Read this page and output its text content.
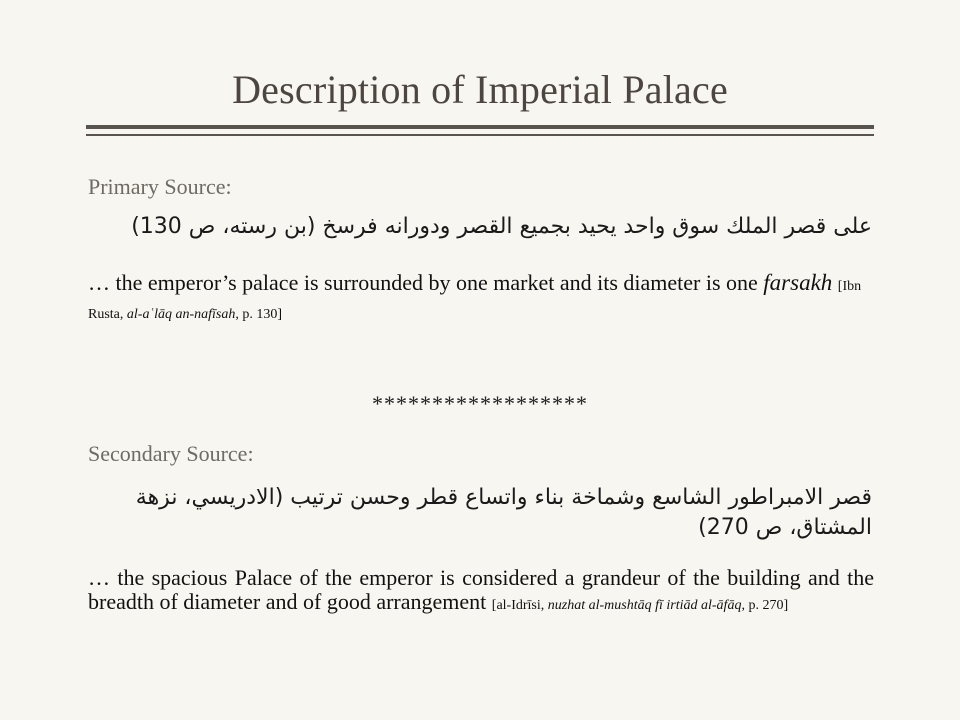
Description of Imperial Palace
Primary Source:
على قصر الملك سوق واحد يحيد بجميع القصر ودورانه فرسخ (بن رسته، ص 130)
… the emperor’s palace is surrounded by one market and its diameter is one farsakh [Ibn Rusta, al-aʿlāq an-nafīsah, p. 130]
******************
Secondary Source:
قصر الامبراطور الشاسع وشماخة بناء واتساع قطر وحسن ترتيب (الادريسي، نزهة المشتاق، ص 270)
… the spacious Palace of the emperor is considered a grandeur of the building and the breadth of diameter and of good arrangement [al-Idrīsi, nuzhat al-mushtāq fī irtiād al-āfāq, p. 270]
